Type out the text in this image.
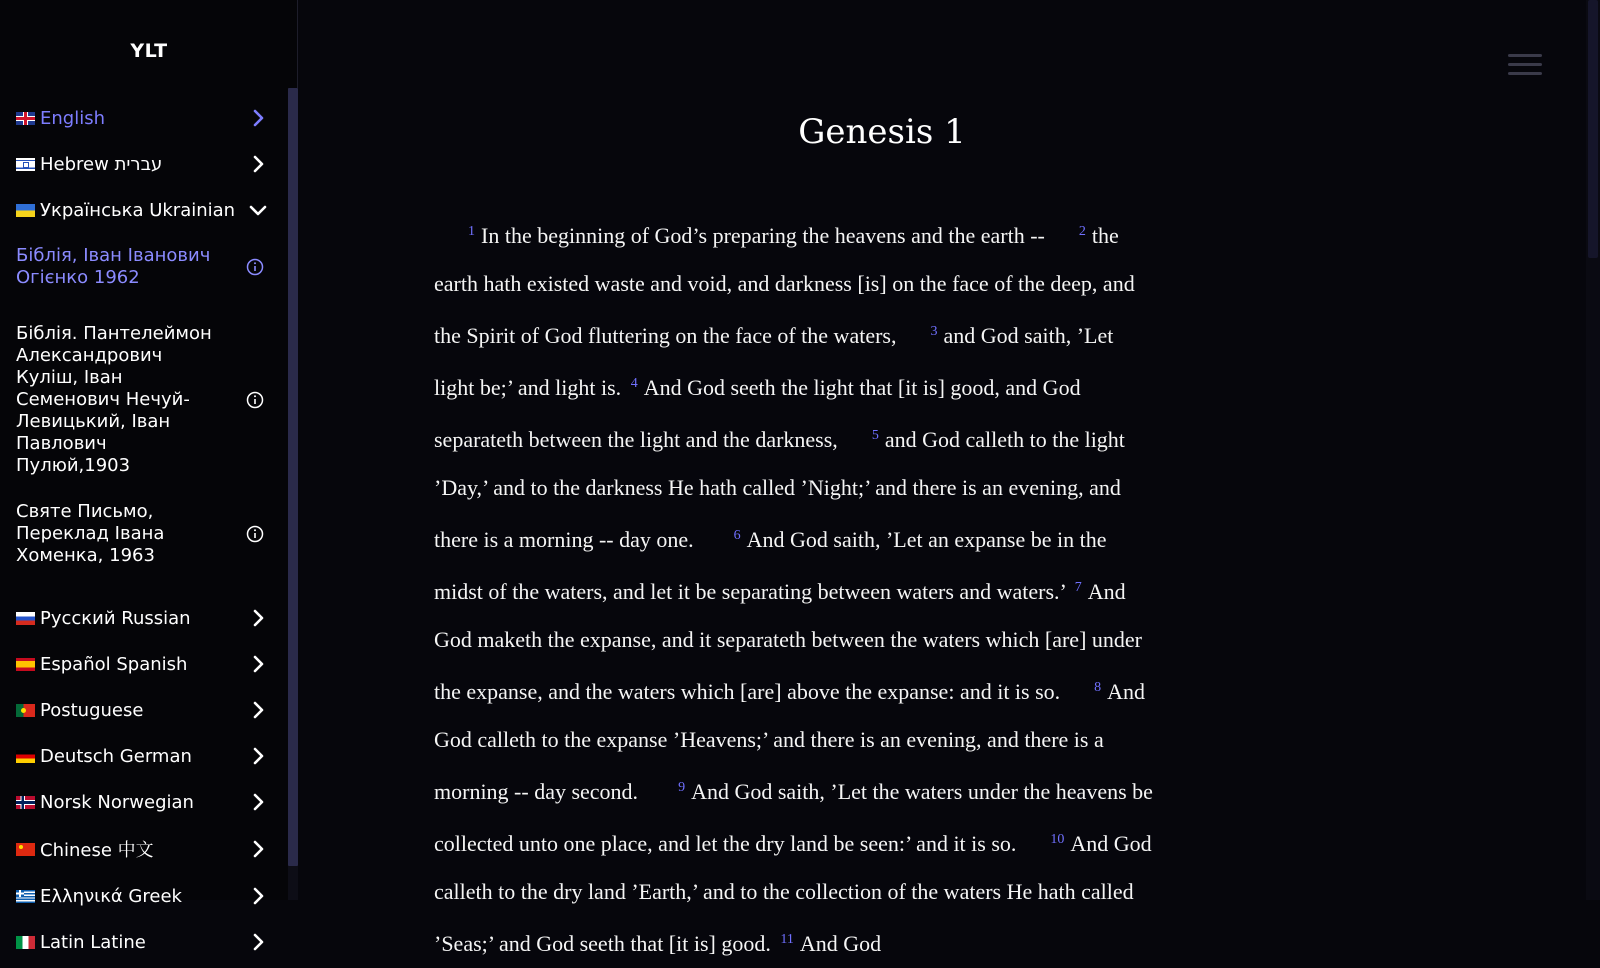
YLT
English
Hebrew עברית
Українська Ukrainian
Біблія, Іван Іванович Огієнко 1962
Біблія. Пантелеймон Александрович Куліш, Іван Семенович Нечуй-Левицький, Іван Павлович Пулюй,1903
Святе Письмо, Переклад Івана Хоменка, 1963
Русский Russian
Español Spanish
Postuguese
Deutsch German
Norsk Norwegian
Chinese 中文
Ελληνικά Greek
Latin Latine
Genesis 1
$^1$ In the beginning of God’s preparing the heavens and the earth -- $^2$ the earth hath existed waste and void, and darkness [is] on the face of the deep, and the Spirit of God fluttering on the face of the waters, $^3$ and God saith, ’Let light be;’ and light is. $^4$ And God seeth the light that [it is] good, and God separateth between the light and the darkness, $^5$ and God calleth to the light ’Day,’ and to the darkness He hath called ’Night;’ and there is an evening, and there is a morning -- day one.	$^6$ And God saith, ’Let an expanse be in the midst of the waters, and let it be separating between waters and waters.’ $^7$ And God maketh the expanse, and it separateth between the waters which [are] under the expanse, and the waters which [are] above the expanse: and it is so. $^8$ And God calleth to the expanse ’Heavens;’ and there is an evening, and there is a morning -- day second.	$^9$ And God saith, ’Let the waters under the heavens be collected unto one place, and let the dry land be seen:’ and it is so. $^{10}$ And God calleth to the dry land ’Earth,’ and to the collection of the waters He hath called ’Seas;’ and God seeth that [it is] good. $^{11}$ And God
